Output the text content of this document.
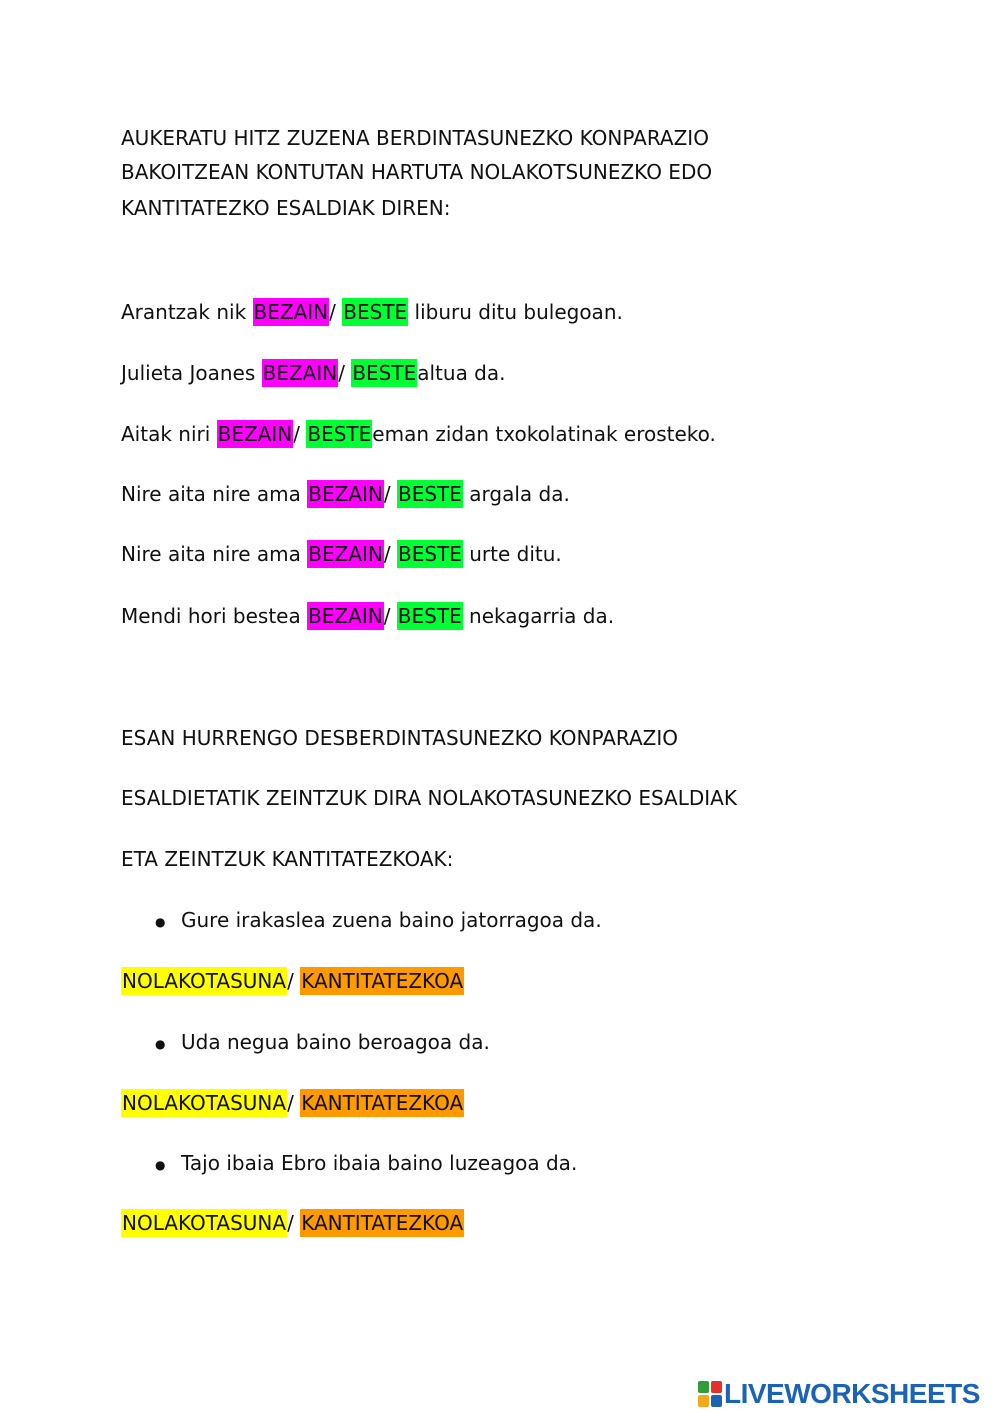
AUKERATU HITZ ZUZENA BERDINTASUNEZKO KONPARAZIO
BAKOITZEAN KONTUTAN HARTUTA NOLAKOTSUNEZKO EDO
KANTITATEZKO ESALDIAK DIREN:
Arantzak nik BEZAIN/ BESTE liburu ditu bulegoan.
Julieta Joanes BEZAIN/ BESTEaltua da.
Aitak niri BEZAIN/ BESTEeman zidan txokolatinak erosteko.
Nire aita nire ama BEZAIN/ BESTE argala da.
Nire aita nire ama BEZAIN/ BESTE urte ditu.
Mendi hori bestea BEZAIN/ BESTE nekagarria da.
ESAN HURRENGO DESBERDINTASUNEZKO KONPARAZIO
ESALDIETATIK ZEINTZUK DIRA NOLAKOTASUNEZKO ESALDIAK
ETA ZEINTZUK KANTITATEZKOAK:
● Gure irakaslea zuena baino jatorragoa da.
NOLAKOTASUNA/ KANTITATEZKOA
● Uda negua baino beroagoa da.
NOLAKOTASUNA/ KANTITATEZKOA
● Tajo ibaia Ebro ibaia baino luzeagoa da.
NOLAKOTASUNA/ KANTITATEZKOA
LIVEWORKSHEETS
